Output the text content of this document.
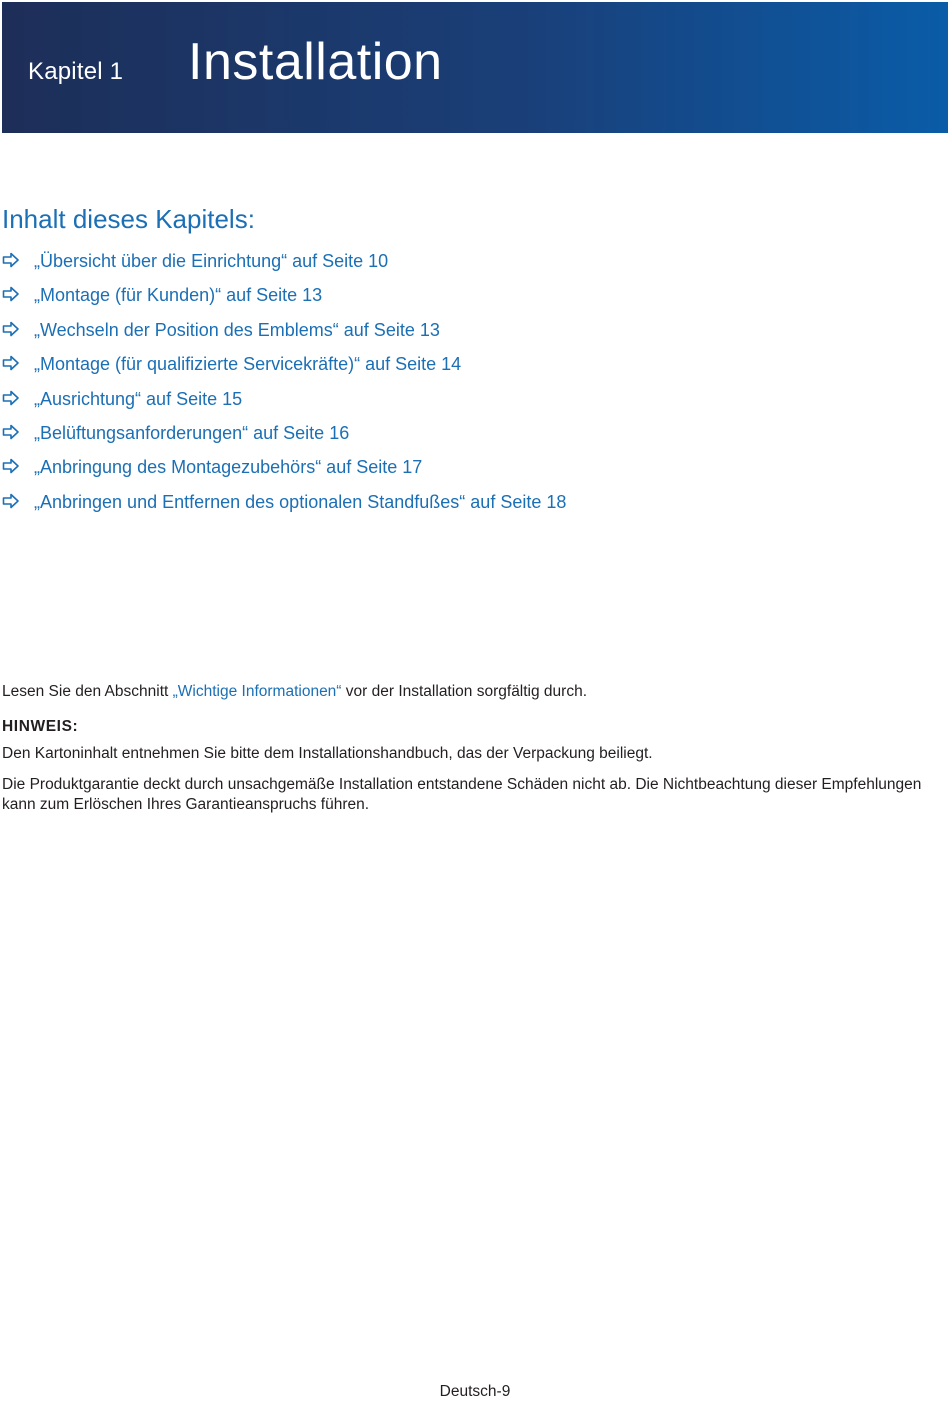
Kapitel 1 Installation
Inhalt dieses Kapitels:
„Übersicht über die Einrichtung“ auf Seite 10
„Montage (für Kunden)“ auf Seite 13
„Wechseln der Position des Emblems“ auf Seite 13
„Montage (für qualifizierte Servicekräfte)“ auf Seite 14
„Ausrichtung“ auf Seite 15
„Belüftungsanforderungen“ auf Seite 16
„Anbringung des Montagezubehörs“ auf Seite 17
„Anbringen und Entfernen des optionalen Standfußes“ auf Seite 18

Lesen Sie den Abschnitt „Wichtige Informationen“ vor der Installation sorgfältig durch.

HINWEIS:

Den Kartoninhalt entnehmen Sie bitte dem Installationshandbuch, das der Verpackung beiliegt.

Die Produktgarantie deckt durch unsachgemäße Installation entstandene Schäden nicht ab. Die Nichtbeachtung dieser Empfehlungen kann zum Erlöschen Ihres Garantieanspruchs führen.

Deutsch-9
